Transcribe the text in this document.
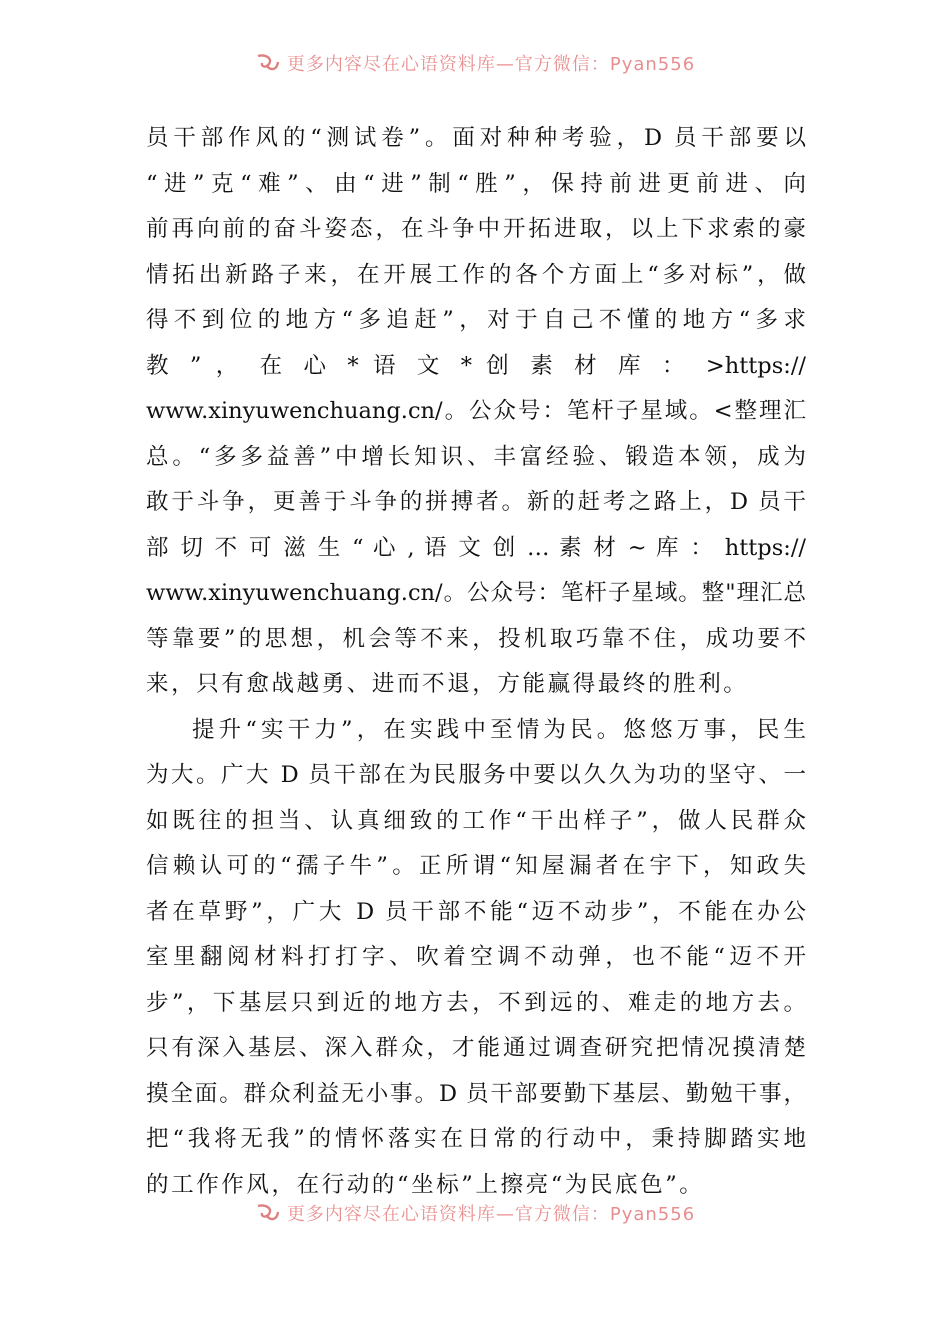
更多内容尽在心语资料库—官方微信：Pyan556
员干部作风的“测试卷”。面对种种考验，D 员干部要以
“进”克“难”、由“进”制“胜”，保持前进更前进、向
前再向前的奋斗姿态，在斗争中开拓进取，以上下求索的豪
情拓出新路子来，在开展工作的各个方面上“多对标”，做
得不到位的地方“多追赶”，对于自己不懂的地方“多求
教 ” ， 在 心 * 语 文 * 创 素 材 库 ： >https://
www.xinyuwenchuang.cn/。公众号：笔杆子星域。<整理汇
总。“多多益善”中增长知识、丰富经验、锻造本领，成为
敢于斗争，更善于斗争的拼搏者。新的赶考之路上，D 员干
部 切 不 可 滋 生 “ 心 , 语 文 创 … 素 材 ~ 库 ： https://
www.xinyuwenchuang.cn/。公众号：笔杆子星域。整"理汇总
等靠要”的思想，机会等不来，投机取巧靠不住，成功要不
来，只有愈战越勇、进而不退，方能赢得最终的胜利。
提升“实干力”，在实践中至情为民。悠悠万事，民生
为大。广大 D 员干部在为民服务中要以久久为功的坚守、一
如既往的担当、认真细致的工作“干出样子”，做人民群众
信赖认可的“孺子牛”。正所谓“知屋漏者在宇下，知政失
者在草野”，广大 D 员干部不能“迈不动步”，不能在办公
室里翻阅材料打打字、吹着空调不动弹，也不能“迈不开
步”，下基层只到近的地方去，不到远的、难走的地方去。
只有深入基层、深入群众，才能通过调查研究把情况摸清楚
摸全面。群众利益无小事。D 员干部要勤下基层、勤勉干事，
把“我将无我”的情怀落实在日常的行动中，秉持脚踏实地
的工作作风，在行动的“坐标”上擦亮“为民底色”。
更多内容尽在心语资料库—官方微信：Pyan556
